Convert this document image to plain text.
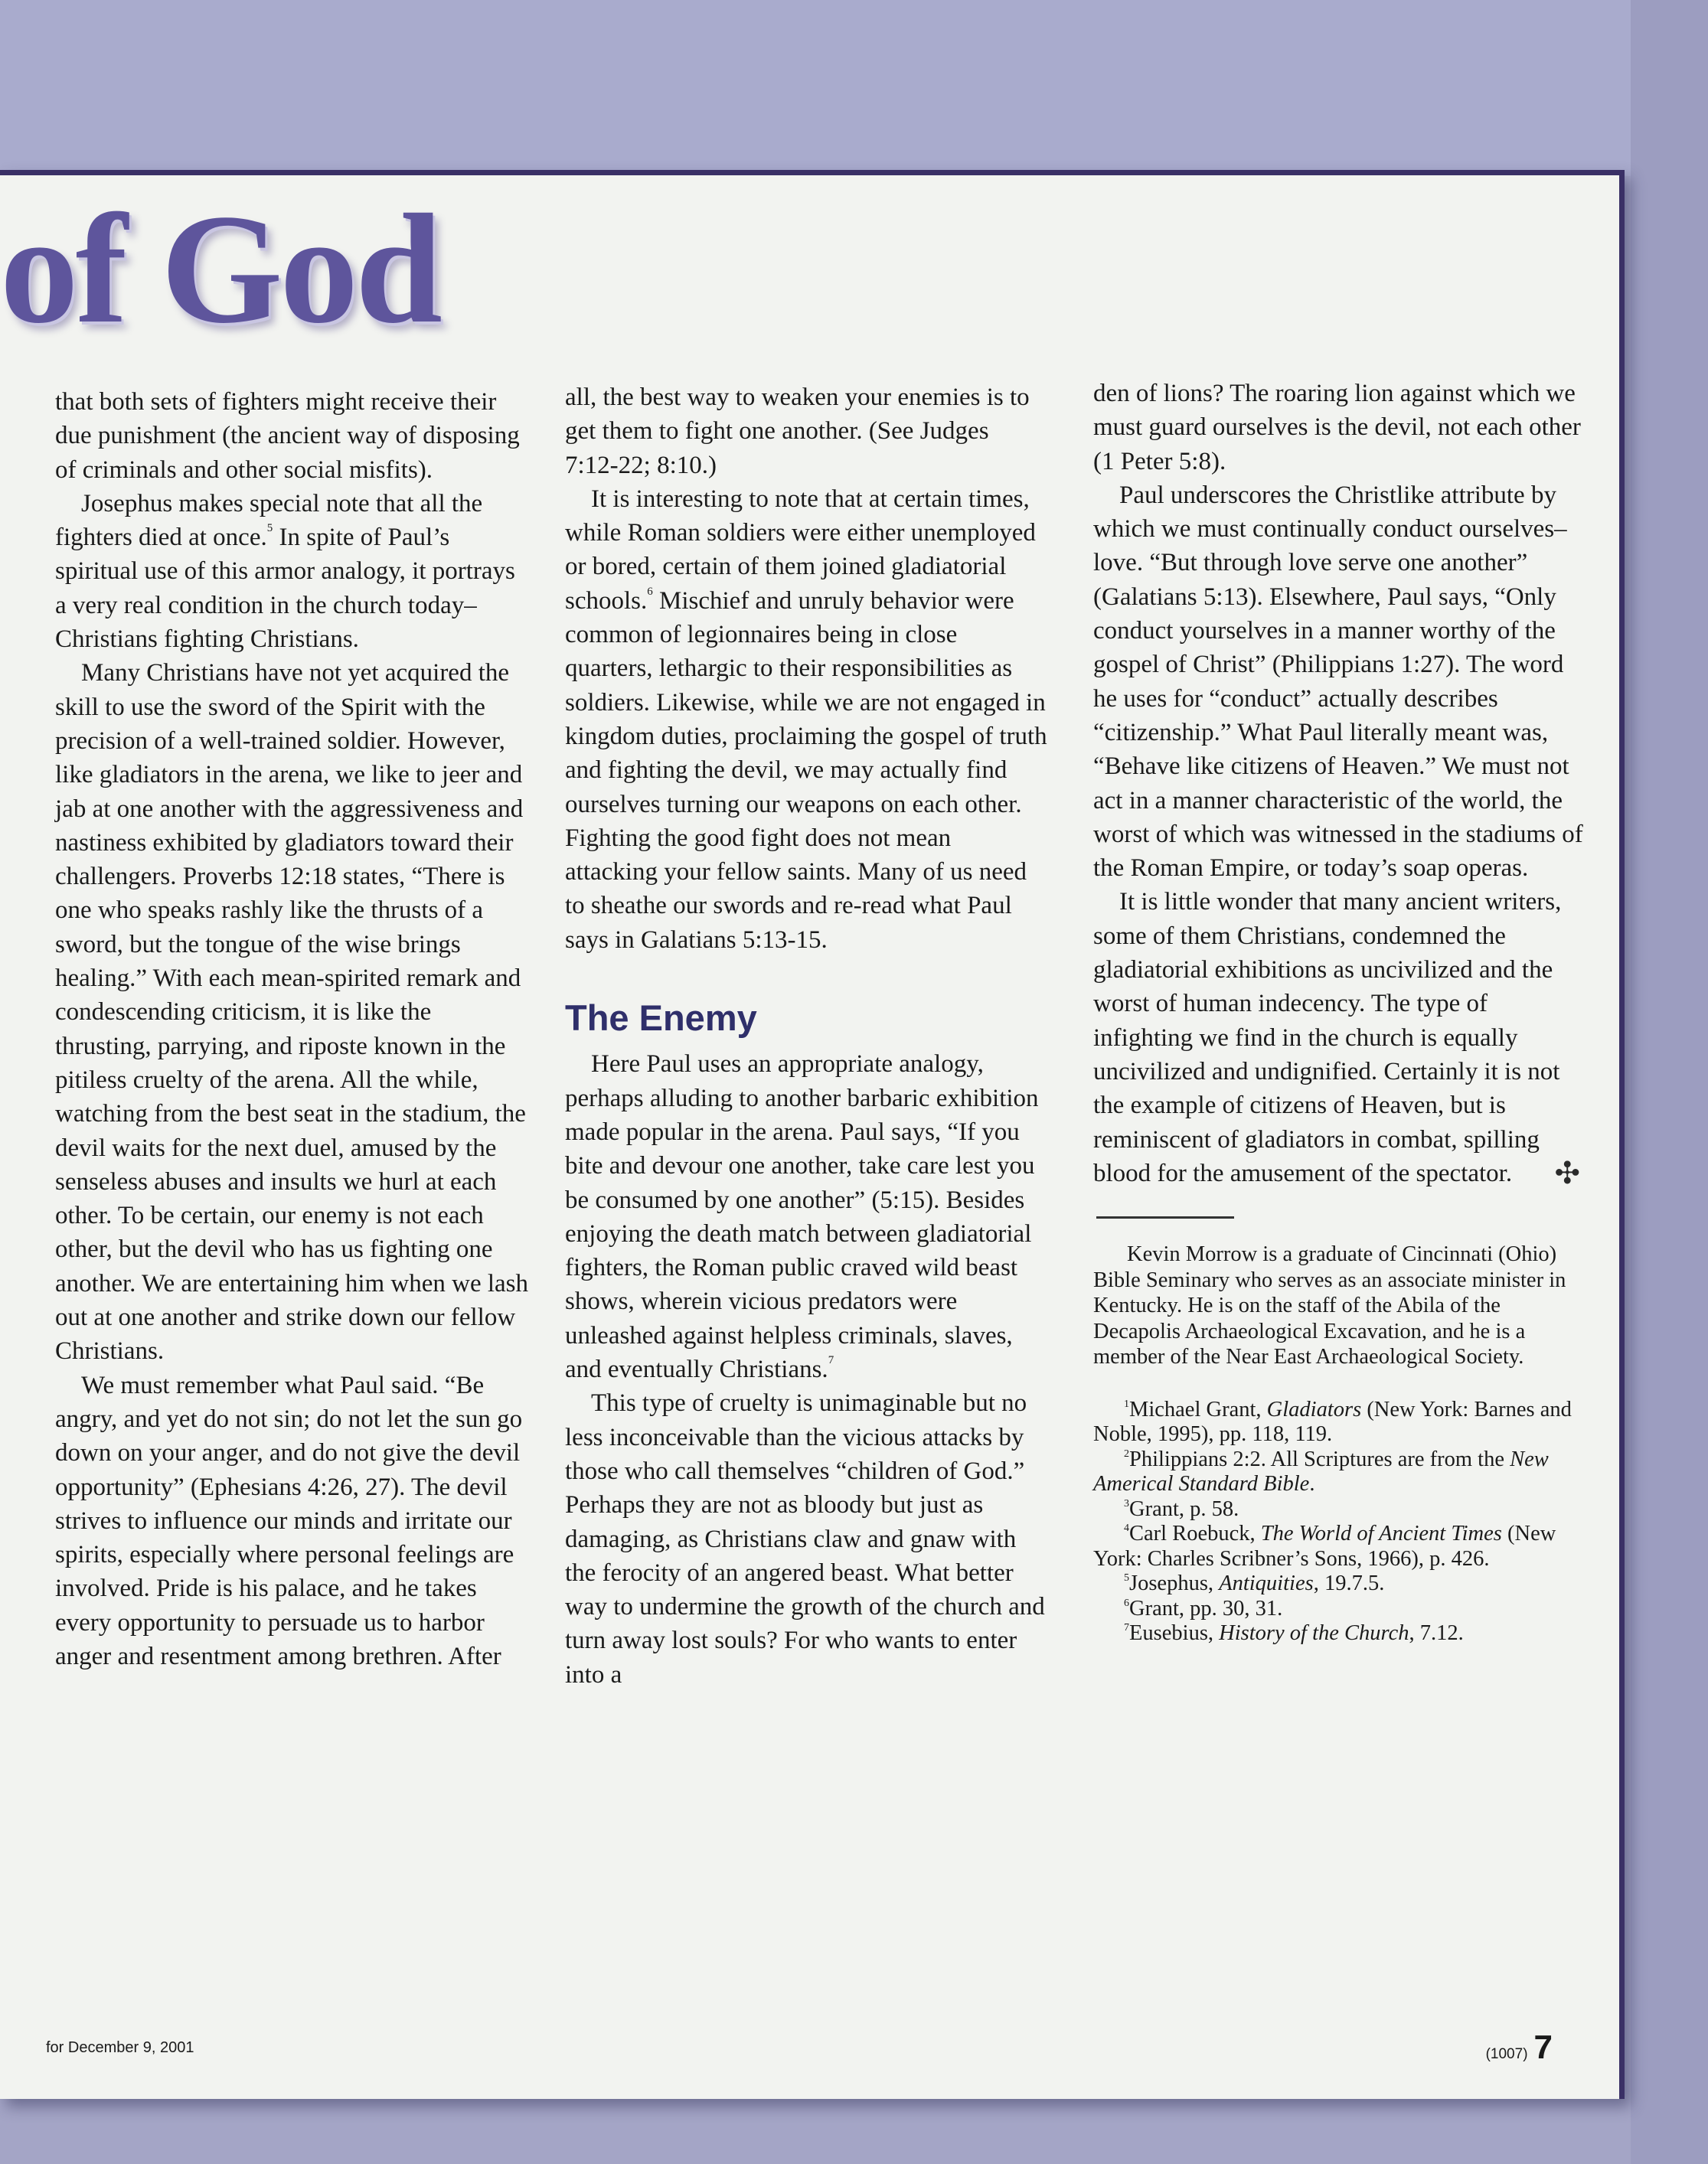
of God

that both sets of fighters might receive their due punishment (the ancient way of disposing of criminals and other social misfits).

Josephus makes special note that all the fighters died at once.$^5$ In spite of Paul’s spiritual use of this armor analogy, it portrays a very real condition in the church today–Christians fighting Christians.

Many Christians have not yet acquired the skill to use the sword of the Spirit with the precision of a well-trained soldier. However, like gladiators in the arena, we like to jeer and jab at one another with the aggressiveness and nastiness exhibited by gladiators toward their challengers. Proverbs 12:18 states, “There is one who speaks rashly like the thrusts of a sword, but the tongue of the wise brings healing.” With each mean-spirited remark and condescending criticism, it is like the thrusting, parrying, and riposte known in the pitiless cruelty of the arena. All the while, watching from the best seat in the stadium, the devil waits for the next duel, amused by the senseless abuses and insults we hurl at each other. To be certain, our enemy is not each other, but the devil who has us fighting one another. We are entertaining him when we lash out at one another and strike down our fellow Christians.

We must remember what Paul said. “Be angry, and yet do not sin; do not let the sun go down on your anger, and do not give the devil opportunity” (Ephesians 4:26, 27). The devil strives to influence our minds and irritate our spirits, especially where personal feelings are involved. Pride is his palace, and he takes every opportunity to persuade us to harbor anger and resentment among brethren. After

all, the best way to weaken your enemies is to get them to fight one another. (See Judges 7:12-22; 8:10.)

It is interesting to note that at certain times, while Roman soldiers were either unemployed or bored, certain of them joined gladiatorial schools.$^6$ Mischief and unruly behavior were common of legionnaires being in close quarters, lethargic to their responsibilities as soldiers. Likewise, while we are not engaged in kingdom duties, proclaiming the gospel of truth and fighting the devil, we may actually find ourselves turning our weapons on each other. Fighting the good fight does not mean attacking your fellow saints. Many of us need to sheathe our swords and re-read what Paul says in Galatians 5:13-15.

The Enemy

Here Paul uses an appropriate analogy, perhaps alluding to another barbaric exhibition made popular in the arena. Paul says, “If you bite and devour one another, take care lest you be consumed by one another” (5:15). Besides enjoying the death match between gladiatorial fighters, the Roman public craved wild beast shows, wherein vicious predators were unleashed against helpless criminals, slaves, and eventually Christians.$^7$

This type of cruelty is unimaginable but no less inconceivable than the vicious attacks by those who call themselves “children of God.” Perhaps they are not as bloody but just as damaging, as Christians claw and gnaw with the ferocity of an angered beast. What better way to undermine the growth of the church and turn away lost souls? For who wants to enter into a

den of lions? The roaring lion against which we must guard ourselves is the devil, not each other (1 Peter 5:8).

Paul underscores the Christlike attribute by which we must continually conduct ourselves–love. “But through love serve one another” (Galatians 5:13). Elsewhere, Paul says, “Only conduct yourselves in a manner worthy of the gospel of Christ” (Philippians 1:27). The word he uses for “conduct” actually describes “citizenship.” What Paul literally meant was, “Behave like citizens of Heaven.” We must not act in a manner characteristic of the world, the worst of which was witnessed in the stadiums of the Roman Empire, or today’s soap operas.

It is little wonder that many ancient writers, some of them Christians, condemned the gladiatorial exhibitions as uncivilized and the worst of human indecency. The type of infighting we find in the church is equally uncivilized and undignified. Certainly it is not the example of citizens of Heaven, but is reminiscent of gladiators in combat, spilling blood for the amusement of the spectator.	✣

Kevin Morrow is a graduate of Cincinnati (Ohio) Bible Seminary who serves as an associate minister in Kentucky. He is on the staff of the Abila of the Decapolis Archaeological Excavation, and he is a member of the Near East Archaeological Society.

$^1$Michael Grant, Gladiators (New York: Barnes and Noble, 1995), pp. 118, 119.

$^2$Philippians 2:2. All Scriptures are from the New Americal Standard Bible.

$^3$Grant, p. 58.

$^4$Carl Roebuck, The World of Ancient Times (New York: Charles Scribner’s Sons, 1966), p. 426.

$^5$Josephus, Antiquities, 19.7.5.

$^6$Grant, pp. 30, 31.

$^7$Eusebius, History of the Church, 7.12.

for December 9, 2001	(1007) 7
